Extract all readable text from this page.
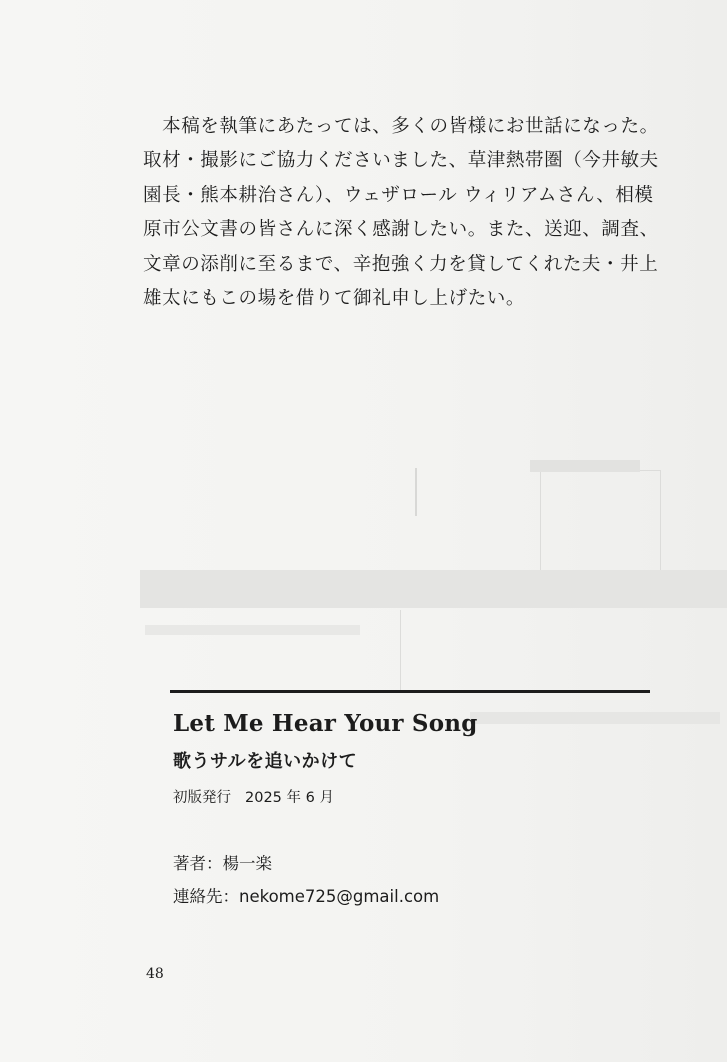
　本稿を執筆にあたっては、多くの皆様にお世話になった。

取材・撮影にご協力くださいました、草津熱帯圏（今井敏夫

園長・熊本耕治さん）、ウェザロール ウィリアムさん、相模

原市公文書の皆さんに深く感謝したい。また、送迎、調査、

文章の添削に至るまで、辛抱強く力を貸してくれた夫・井上

雄太にもこの場を借りて御礼申し上げたい。

Let Me Hear Your Song
歌うサルを追いかけて
初版発行 2025 年 6 月
著者：楊一楽
連絡先：nekome725@gmail.com
48
